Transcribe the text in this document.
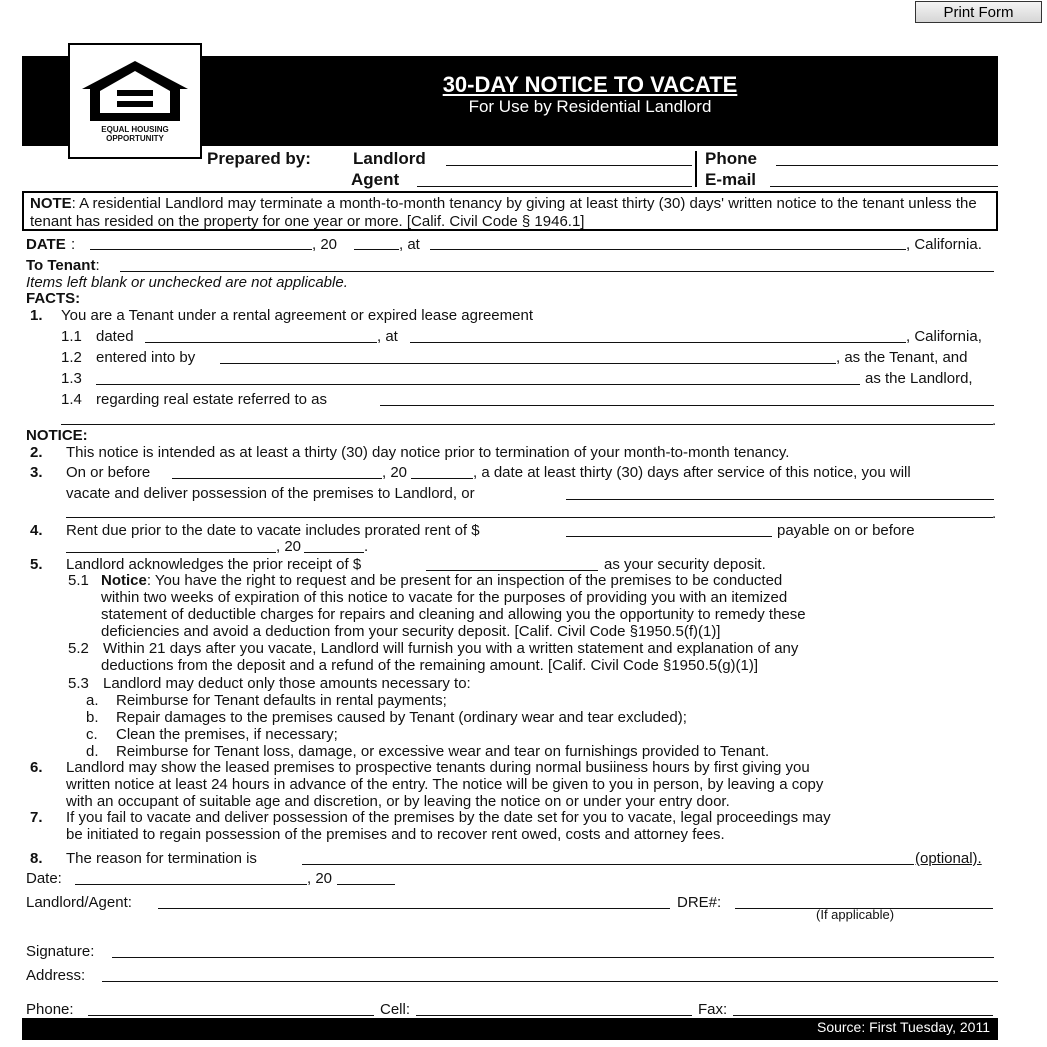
Print Form
30-DAY NOTICE TO VACATE
For Use by Residential Landlord
EQUAL HOUSING
OPPORTUNITY
Prepared by: Landlord	Phone
Agent	E-mail
NOTE: A residential Landlord may terminate a month-to-month tenancy by giving at least thirty (30) days' written notice to the tenant unless the tenant has resided on the property for one year or more. [Calif. Civil Code § 1946.1]
DATE :	, 20	, at	, California.
To Tenant:
Items left blank or unchecked are not applicable.
FACTS:
1. You are a Tenant under a rental agreement or expired lease agreement
1.1 dated	, at	, California,
1.2 entered into by	, as the Tenant, and
1.3	as the Landlord,
1.4 regarding real estate referred to as
.
NOTICE:
2. This notice is intended as at least a thirty (30) day notice prior to termination of your month-to-month tenancy.
3. On or before	, 20	, a date at least thirty (30) days after service of this notice, you will
vacate and deliver possession of the premises to Landlord, or
.
4. Rent due prior to the date to vacate includes prorated rent of $	payable on or before
, 20	.
5. Landlord acknowledges the prior receipt of $	as your security deposit.
5.1 Notice: You have the right to request and be present for an inspection of the premises to be conducted
within two weeks of expiration of this notice to vacate for the purposes of providing you with an itemized
statement of deductible charges for repairs and cleaning and allowing you the opportunity to remedy these
deficiencies and avoid a deduction from your security deposit. [Calif. Civil Code §1950.5(f)(1)]
5.2 Within 21 days after you vacate, Landlord will furnish you with a written statement and explanation of any
deductions from the deposit and a refund of the remaining amount. [Calif. Civil Code §1950.5(g)(1)]
5.3 Landlord may deduct only those amounts necessary to:
a. Reimburse for Tenant defaults in rental payments;
b. Repair damages to the premises caused by Tenant (ordinary wear and tear excluded);
c. Clean the premises, if necessary;
d. Reimburse for Tenant loss, damage, or excessive wear and tear on furnishings provided to Tenant.
6. Landlord may show the leased premises to prospective tenants during normal busiiness hours by first giving you
written notice at least 24 hours in advance of the entry. The notice will be given to you in person, by leaving a copy
with an occupant of suitable age and discretion, or by leaving the notice on or under your entry door.
7. If you fail to vacate and deliver possession of the premises by the date set for you to vacate, legal proceedings may
be initiated to regain possession of the premises and to recover rent owed, costs and attorney fees.
8. The reason for termination is	(optional).
Date:	, 20
Landlord/Agent:	DRE#:
(If applicable)
Signature:
Address:
Phone:	Cell:	Fax:
Source: First Tuesday, 2011
